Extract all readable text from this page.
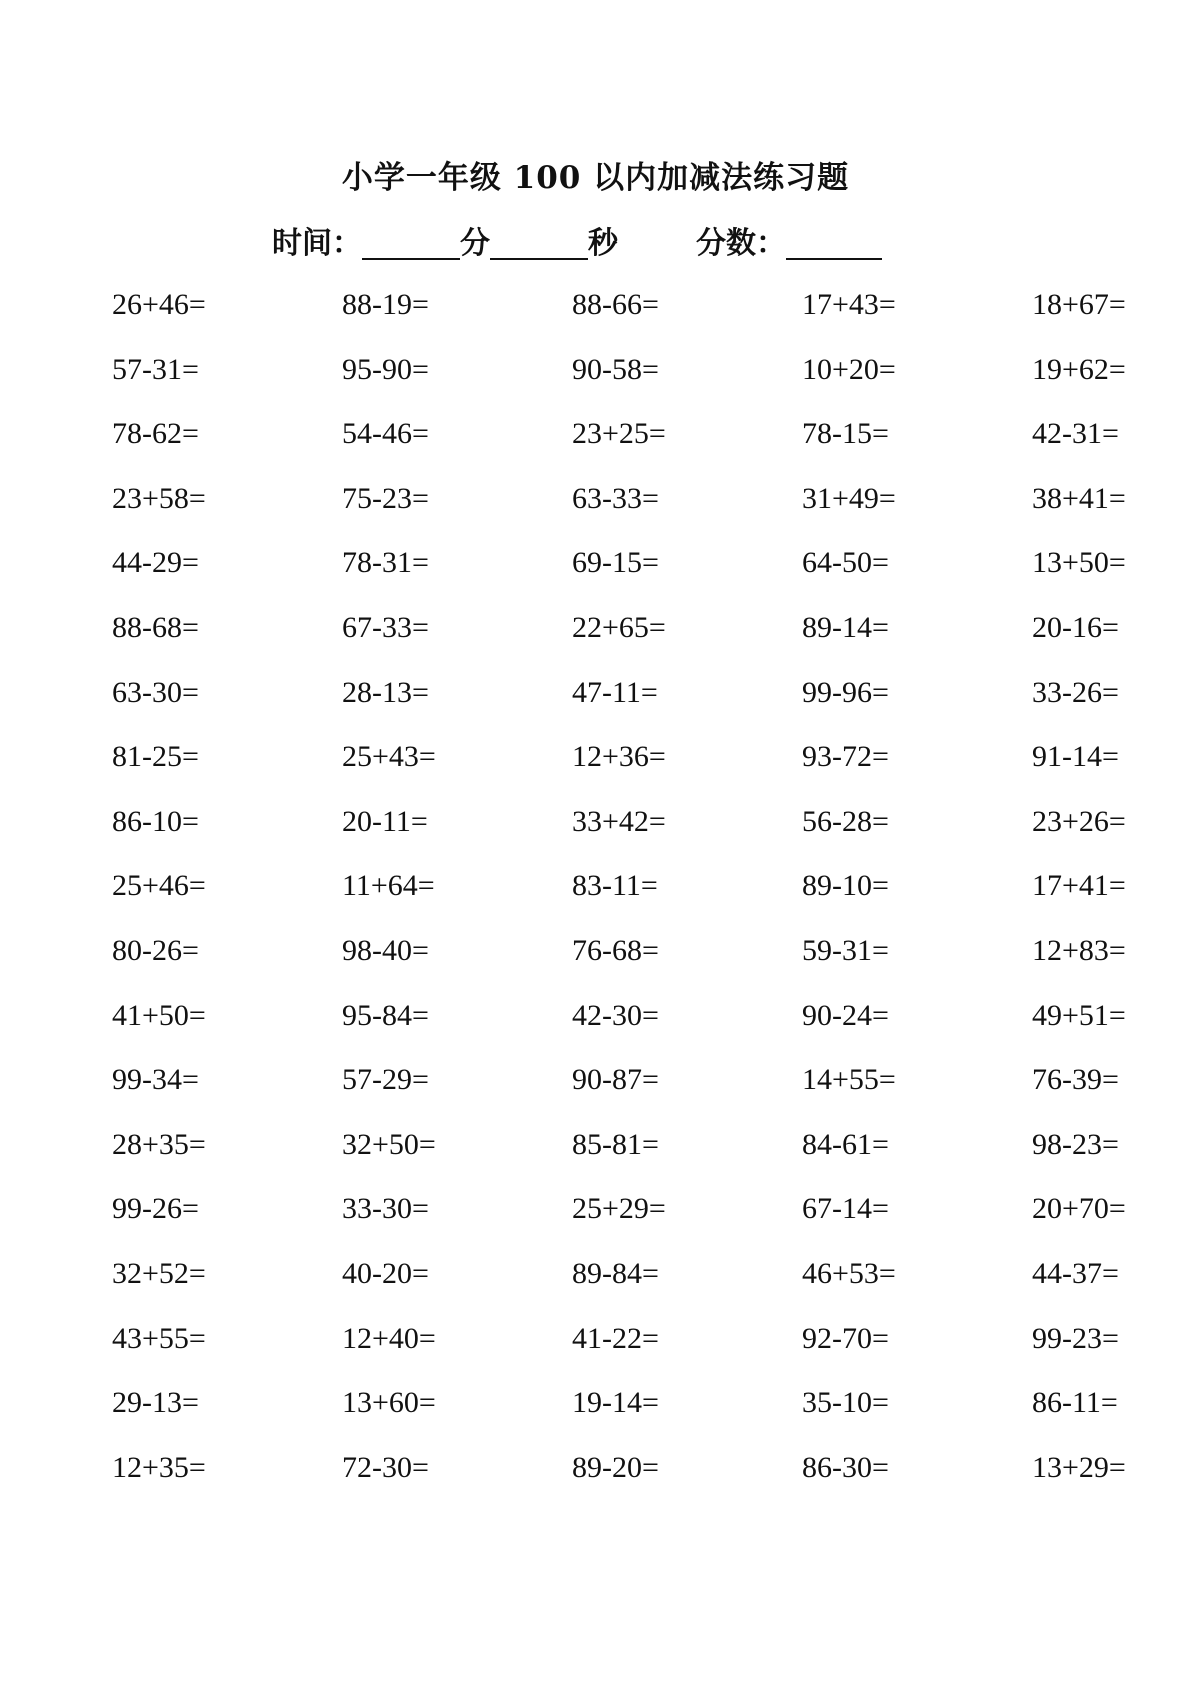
小学一年级 100 以内加减法练习题
时间：	分	秒	分数：
26+46=	88-19=	88-66=	17+43=	18+67=
57-31=	95-90=	90-58=	10+20=	19+62=
78-62=	54-46=	23+25=	78-15=	42-31=
23+58=	75-23=	63-33=	31+49=	38+41=
44-29=	78-31=	69-15=	64-50=	13+50=
88-68=	67-33=	22+65=	89-14=	20-16=
63-30=	28-13=	47-11=	99-96=	33-26=
81-25=	25+43=	12+36=	93-72=	91-14=
86-10=	20-11=	33+42=	56-28=	23+26=
25+46=	11+64=	83-11=	89-10=	17+41=
80-26=	98-40=	76-68=	59-31=	12+83=
41+50=	95-84=	42-30=	90-24=	49+51=
99-34=	57-29=	90-87=	14+55=	76-39=
28+35=	32+50=	85-81=	84-61=	98-23=
99-26=	33-30=	25+29=	67-14=	20+70=
32+52=	40-20=	89-84=	46+53=	44-37=
43+55=	12+40=	41-22=	92-70=	99-23=
29-13=	13+60=	19-14=	35-10=	86-11=
12+35=	72-30=	89-20=	86-30=	13+29=
